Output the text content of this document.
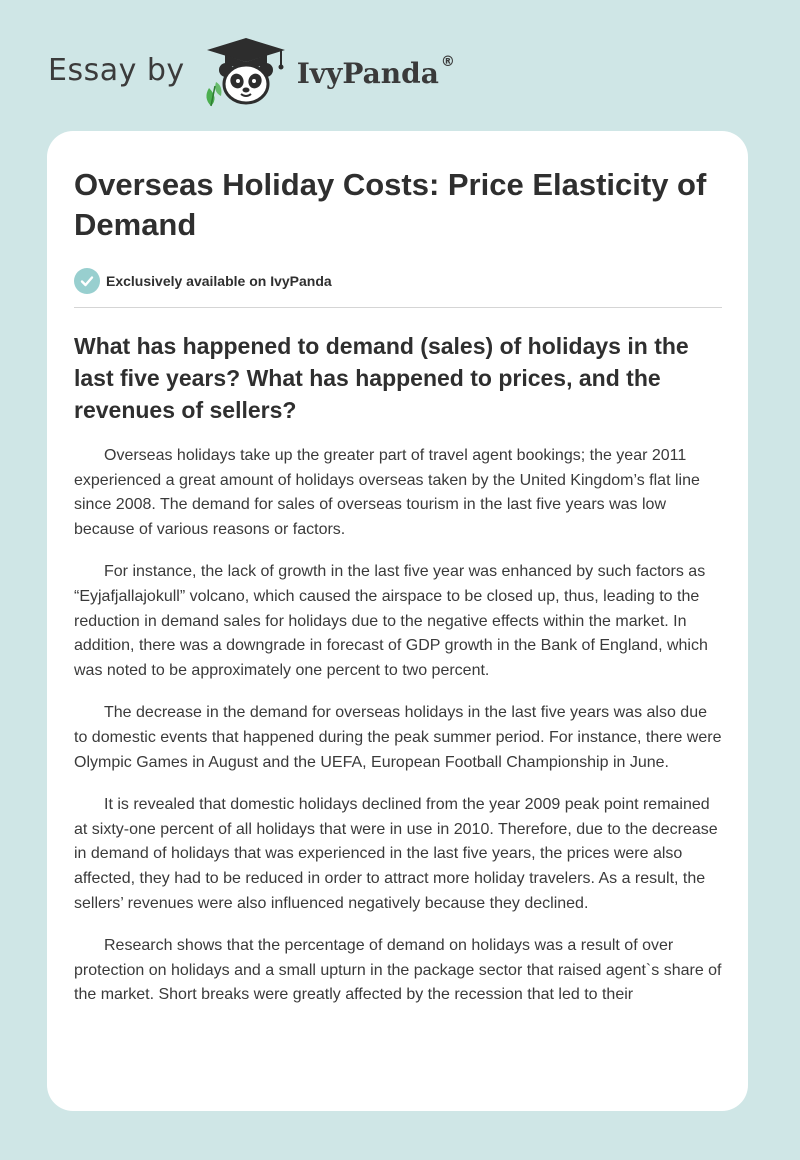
Essay by	IvyPanda ®
Overseas Holiday Costs: Price Elasticity of Demand
Exclusively available on IvyPanda
What has happened to demand (sales) of holidays in the last five years? What has happened to prices, and the revenues of sellers?

Overseas holidays take up the greater part of travel agent bookings; the year 2011 experienced a great amount of holidays overseas taken by the United Kingdom’s flat line since 2008. The demand for sales of overseas tourism in the last five years was low because of various reasons or factors.

For instance, the lack of growth in the last five year was enhanced by such factors as “Eyjafjallajokull” volcano, which caused the airspace to be closed up, thus, leading to the reduction in demand sales for holidays due to the negative effects within the market. In addition, there was a downgrade in forecast of GDP growth in the Bank of England, which was noted to be approximately one percent to two percent.

The decrease in the demand for overseas holidays in the last five years was also due to domestic events that happened during the peak summer period. For instance, there were Olympic Games in August and the UEFA, European Football Championship in June.

It is revealed that domestic holidays declined from the year 2009 peak point remained at sixty-one percent of all holidays that were in use in 2010. Therefore, due to the decrease in demand of holidays that was experienced in the last five years, the prices were also affected, they had to be reduced in order to attract more holiday travelers. As a result, the sellers’ revenues were also influenced negatively because they declined.

Research shows that the percentage of demand on holidays was a result of over protection on holidays and a small upturn in the package sector that raised agent`s share of the market. Short breaks were greatly affected by the recession that led to their
